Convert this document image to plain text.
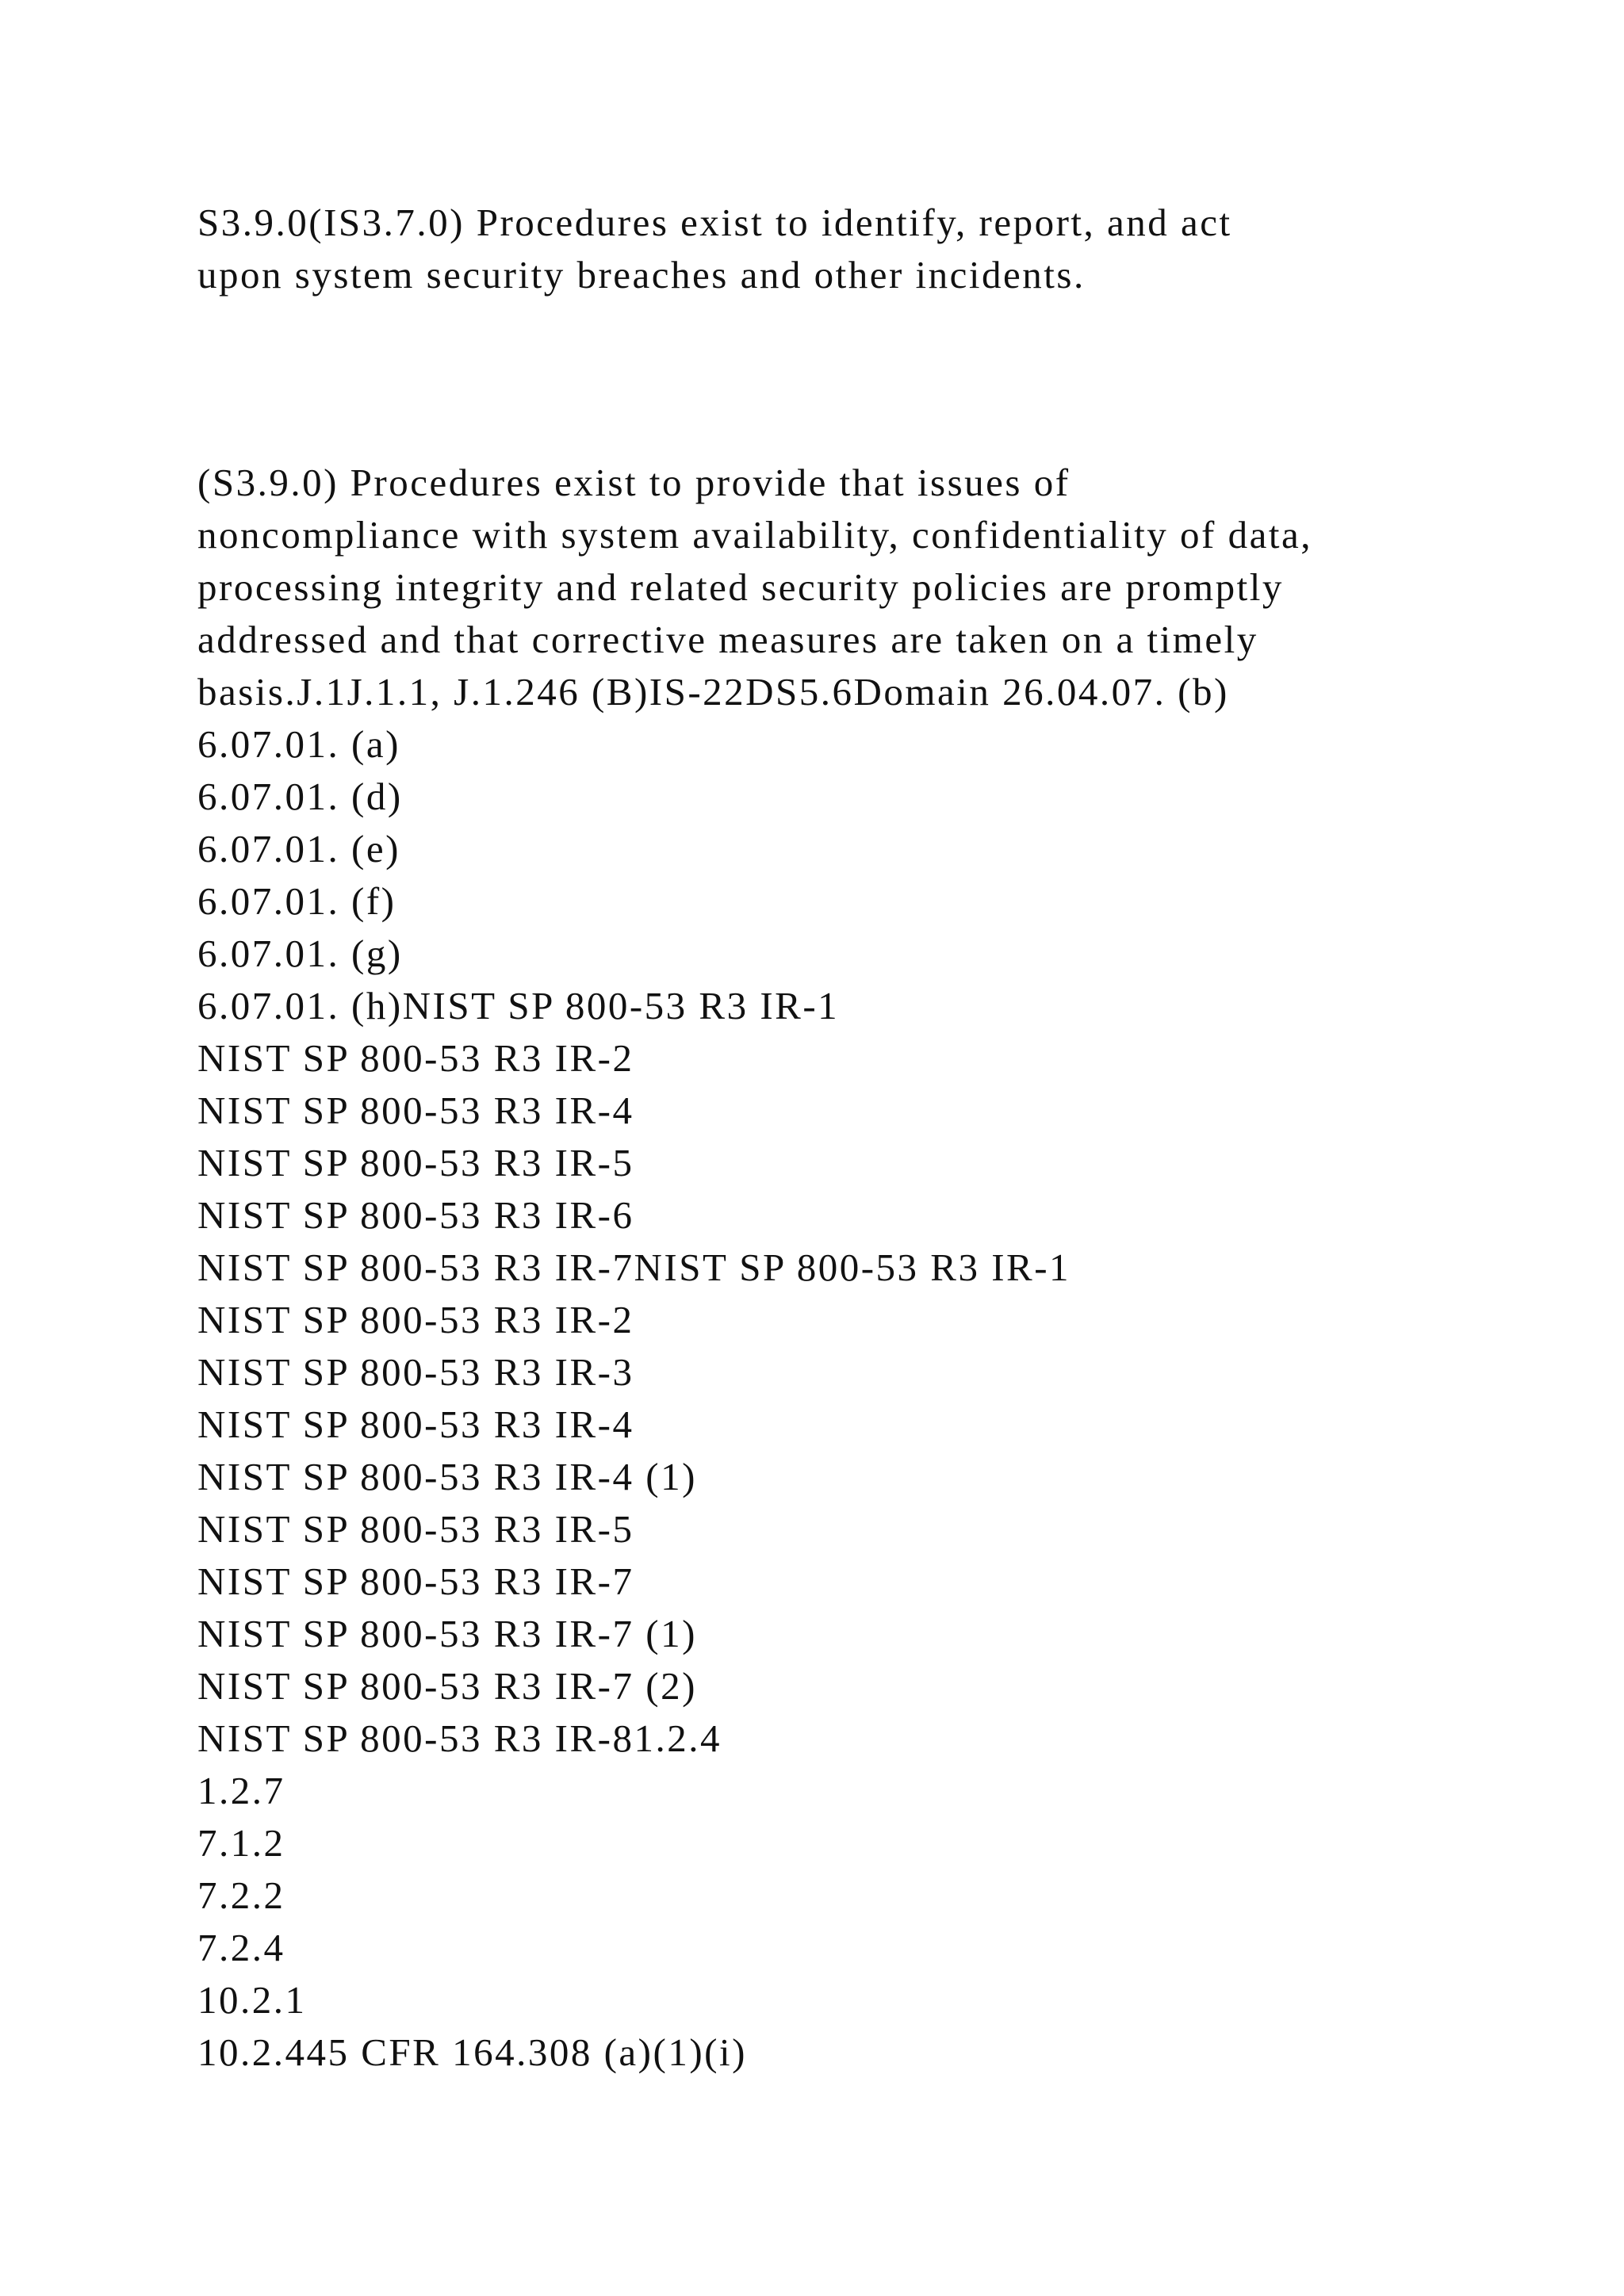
S3.9.0(IS3.7.0) Procedures exist to identify, report, and act
upon system security breaches and other incidents.
(S3.9.0) Procedures exist to provide that issues of
noncompliance with system availability, confidentiality of data,
processing integrity and related security policies are promptly
addressed and that corrective measures are taken on a timely
basis.J.1J.1.1, J.1.246 (B)IS-22DS5.6Domain 26.04.07. (b)
6.07.01. (a)
6.07.01. (d)
6.07.01. (e)
6.07.01. (f)
6.07.01. (g)
6.07.01. (h)NIST SP 800-53 R3 IR-1
NIST SP 800-53 R3 IR-2
NIST SP 800-53 R3 IR-4
NIST SP 800-53 R3 IR-5
NIST SP 800-53 R3 IR-6
NIST SP 800-53 R3 IR-7NIST SP 800-53 R3 IR-1
NIST SP 800-53 R3 IR-2
NIST SP 800-53 R3 IR-3
NIST SP 800-53 R3 IR-4
NIST SP 800-53 R3 IR-4 (1)
NIST SP 800-53 R3 IR-5
NIST SP 800-53 R3 IR-7
NIST SP 800-53 R3 IR-7 (1)
NIST SP 800-53 R3 IR-7 (2)
NIST SP 800-53 R3 IR-81.2.4
1.2.7
7.1.2
7.2.2
7.2.4
10.2.1
10.2.445 CFR 164.308 (a)(1)(i)
